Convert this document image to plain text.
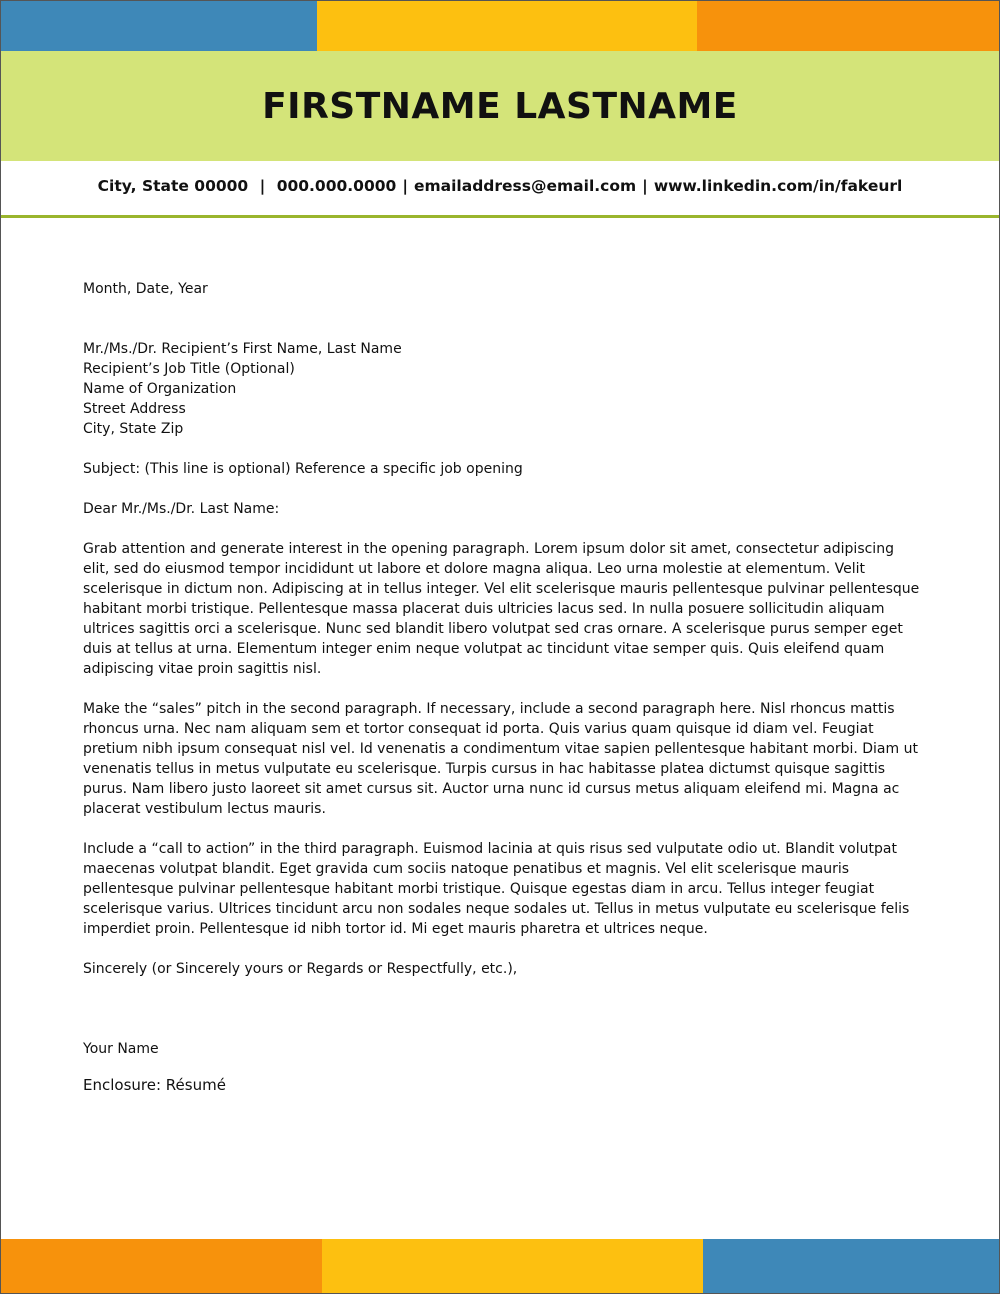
FIRSTNAME LASTNAME
City, State 00000 | 000.000.0000 | emailaddress@email.com | www.linkedin.com/in/fakeurl

Month, Date, Year

Mr./Ms./Dr. Recipient’s First Name, Last Name

Recipient’s Job Title (Optional)

Name of Organization

Street Address

City, State Zip

Subject: (This line is optional) Reference a specific job opening

Dear Mr./Ms./Dr. Last Name:

Grab attention and generate interest in the opening paragraph. Lorem ipsum dolor sit amet, consectetur adipiscing elit, sed do eiusmod tempor incididunt ut labore et dolore magna aliqua. Leo urna molestie at elementum. Velit scelerisque in dictum non. Adipiscing at in tellus integer. Vel elit scelerisque mauris pellentesque pulvinar pellentesque habitant morbi tristique. Pellentesque massa placerat duis ultricies lacus sed. In nulla posuere sollicitudin aliquam ultrices sagittis orci a scelerisque. Nunc sed blandit libero volutpat sed cras ornare. A scelerisque purus semper eget duis at tellus at urna. Elementum integer enim neque volutpat ac tincidunt vitae semper quis. Quis eleifend quam adipiscing vitae proin sagittis nisl.

Make the “sales” pitch in the second paragraph. If necessary, include a second paragraph here. Nisl rhoncus mattis rhoncus urna. Nec nam aliquam sem et tortor consequat id porta. Quis varius quam quisque id diam vel. Feugiat pretium nibh ipsum consequat nisl vel. Id venenatis a condimentum vitae sapien pellentesque habitant morbi. Diam ut venenatis tellus in metus vulputate eu scelerisque. Turpis cursus in hac habitasse platea dictumst quisque sagittis purus. Nam libero justo laoreet sit amet cursus sit. Auctor urna nunc id cursus metus aliquam eleifend mi. Magna ac placerat vestibulum lectus mauris.

Include a “call to action” in the third paragraph. Euismod lacinia at quis risus sed vulputate odio ut. Blandit volutpat maecenas volutpat blandit. Eget gravida cum sociis natoque penatibus et magnis. Vel elit scelerisque mauris pellentesque pulvinar pellentesque habitant morbi tristique. Quisque egestas diam in arcu. Tellus integer feugiat scelerisque varius. Ultrices tincidunt arcu non sodales neque sodales ut. Tellus in metus vulputate eu scelerisque felis imperdiet proin. Pellentesque id nibh tortor id. Mi eget mauris pharetra et ultrices neque.

Sincerely (or Sincerely yours or Regards or Respectfully, etc.),

Your Name

Enclosure: Résumé
